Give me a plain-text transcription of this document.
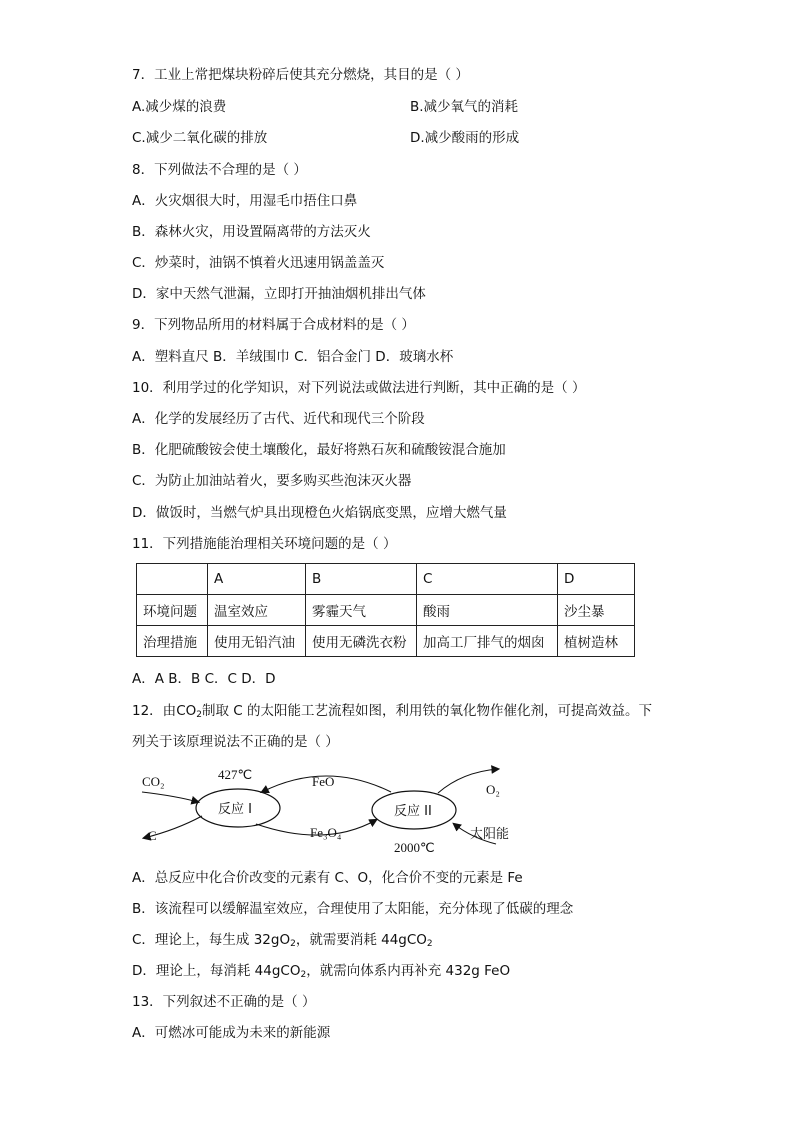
7．工业上常把煤块粉碎后使其充分燃烧，其目的是（ ）
A.减少煤的浪费	B.减少氧气的消耗
C.减少二氧化碳的排放	D.减少酸雨的形成
8．下列做法不合理的是（ ）
A．火灾烟很大时，用湿毛巾捂住口鼻
B．森林火灾，用设置隔离带的方法灭火
C．炒菜时，油锅不慎着火迅速用锅盖盖灭
D．家中天然气泄漏，立即打开抽油烟机排出气体
9．下列物品所用的材料属于合成材料的是（ ）
A．塑料直尺 B．羊绒围巾 C．铝合金门 D．玻璃水杯
10．利用学过的化学知识，对下列说法或做法进行判断，其中正确的是（ ）
A．化学的发展经历了古代、近代和现代三个阶段
B．化肥硫酸铵会使土壤酸化，最好将熟石灰和硫酸铵混合施加
C．为防止加油站着火，要多购买些泡沫灭火器
D．做饭时，当燃气炉具出现橙色火焰锅底变黑，应增大燃气量
11．下列措施能治理相关环境问题的是（ ）
	A	B	C	D
环境问题	温室效应	雾霾天气	酸雨	沙尘暴
治理措施	使用无铅汽油	使用无磷洗衣粉	加高工厂排气的烟囱	植树造林
A．A B．B C．C D．D
12．由$CO_2$制取 C 的太阳能工艺流程如图，利用铁的氧化物作催化剂，可提高效益。下
列关于该原理说法不正确的是（ ）
CO₂	427℃	FeO
O₂
反应 I	反应 II
C	Fe₃O₄	太阳能
2000℃
A．总反应中化合价改变的元素有 C、O，化合价不变的元素是 Fe
B．该流程可以缓解温室效应，合理使用了太阳能，充分体现了低碳的理念
C．理论上，每生成 $32gO_2$，就需要消耗 44gCO$_2$
D．理论上，每消耗 44gCO$_2$，就需向体系内再补充 432g FeO
13．下列叙述不正确的是（ ）
A．可燃冰可能成为未来的新能源
